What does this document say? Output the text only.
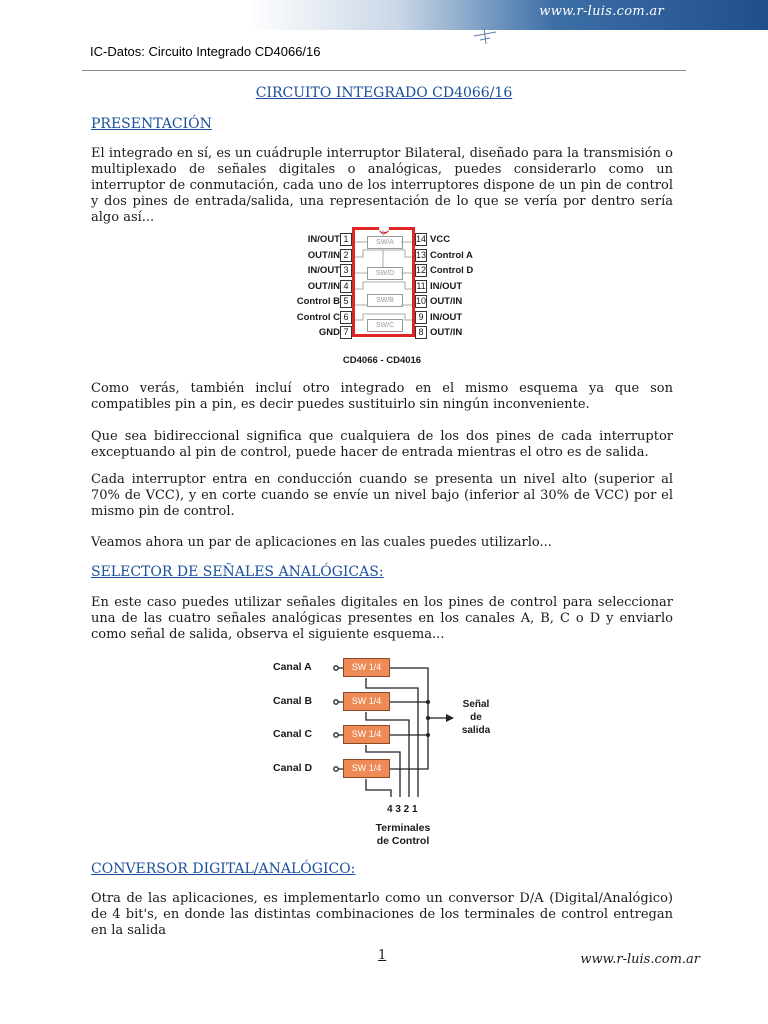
www.r-luis.com.ar
IC-Datos: Circuito Integrado CD4066/16
CIRCUITO INTEGRADO CD4066/16
PRESENTACIÓN

El integrado en sí, es un cuádruple interruptor Bilateral, diseñado para la transmisión o multiplexado de señales digitales o analógicas, puedes considerarlo como un interruptor de conmutación, cada uno de los interruptores dispone de un pin de control y dos pines de entrada/salida, una representación de lo que se vería por dentro sería algo así...

SW/A
SW/D
SW/B
SW/C
IN/OUT 1
OUT/IN 2
IN/OUT 3
OUT/IN 4
Control B 5
Control C 6
GND 7
14 VCC
13 Control A
12 Control D
11 IN/OUT
10 OUT/IN
9 IN/OUT
8 OUT/IN
CD4066 - CD4016

Como verás, también incluí otro integrado en el mismo esquema ya que son compatibles pin a pin, es decir puedes sustituirlo sin ningún inconveniente.

Que sea bidireccional significa que cualquiera de los dos pines de cada interruptor exceptuando al pin de control, puede hacer de entrada mientras el otro es de salida.

Cada interruptor entra en conducción cuando se presenta un nivel alto (superior al 70% de VCC), y en corte cuando se envíe un nivel bajo (inferior al 30% de VCC) por el mismo pin de control.

Veamos ahora un par de aplicaciones en las cuales puedes utilizarlo...

SELECTOR DE SEÑALES ANALÓGICAS:

En este caso puedes utilizar señales digitales en los pines de control para seleccionar una de las cuatro señales analógicas presentes en los canales A, B, C o D y enviarlo como señal de salida, observa el siguiente esquema...

Canal A
Canal B
Canal C
Canal D
SW 1/4
SW 1/4
SW 1/4
SW 1/4
Señal
de
salida
4 3 2 1
Terminales
de Control
CONVERSOR DIGITAL/ANALÓGICO:

Otra de las aplicaciones, es implementarlo como un conversor D/A (Digital/Analógico) de 4 bit's, en donde las distintas combinaciones de los terminales de control entregan en la salida

1	www.r-luis.com.ar
